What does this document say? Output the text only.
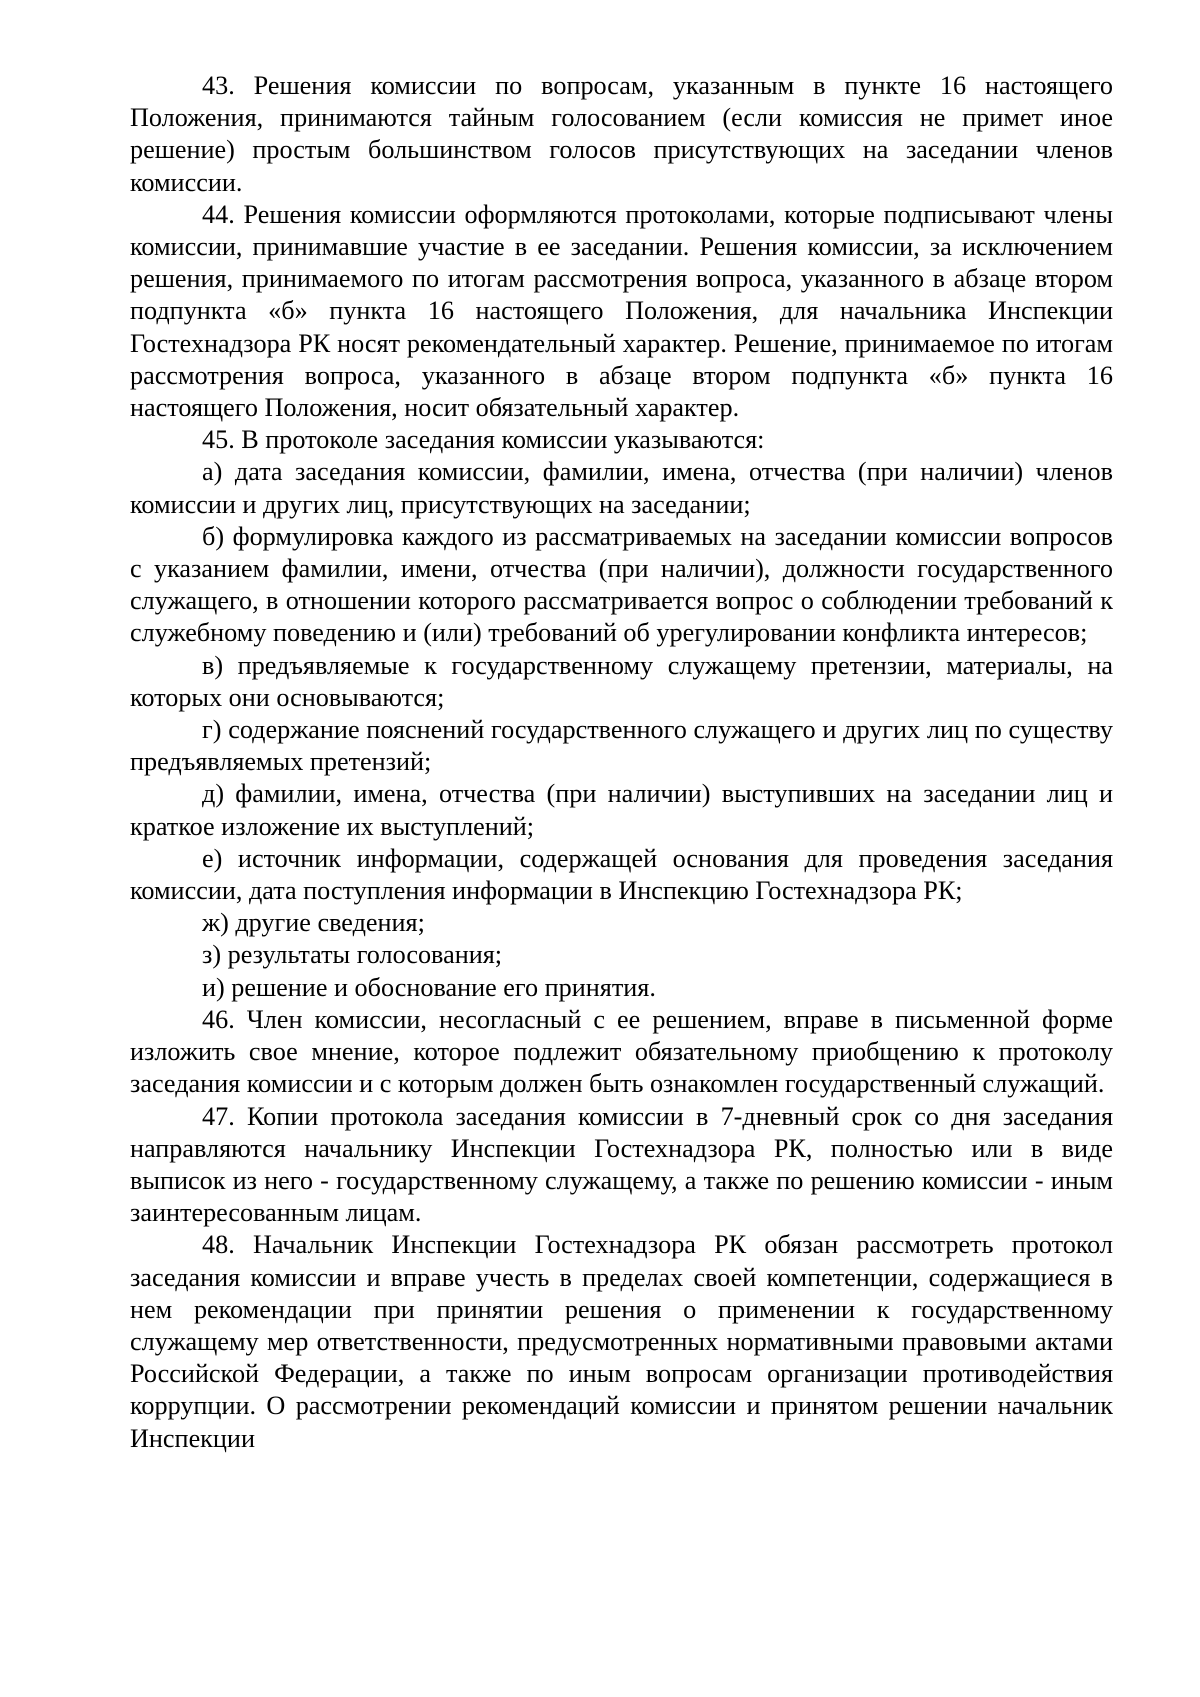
43. Решения комиссии по вопросам, указанным в пункте 16 настоящего Положения, принимаются тайным голосованием (если комиссия не примет иное решение) простым большинством голосов присутствующих на заседании членов комиссии.

44. Решения комиссии оформляются протоколами, которые подписывают члены комиссии, принимавшие участие в ее заседании. Решения комиссии, за исключением решения, принимаемого по итогам рассмотрения вопроса, указанного в абзаце втором подпункта «б» пункта 16 настоящего Положения, для начальника Инспекции Гостехнадзора РК носят рекомендательный характер. Решение, принимаемое по итогам рассмотрения вопроса, указанного в абзаце втором подпункта «б» пункта 16 настоящего Положения, носит обязательный характер.

45. В протоколе заседания комиссии указываются:

а) дата заседания комиссии, фамилии, имена, отчества (при наличии) членов комиссии и других лиц, присутствующих на заседании;

б) формулировка каждого из рассматриваемых на заседании комиссии вопросов с указанием фамилии, имени, отчества (при наличии), должности государственного служащего, в отношении которого рассматривается вопрос о соблюдении требований к служебному поведению и (или) требований об урегулировании конфликта интересов;

в) предъявляемые к государственному служащему претензии, материалы, на которых они основываются;

г) содержание пояснений государственного служащего и других лиц по существу предъявляемых претензий;

д) фамилии, имена, отчества (при наличии) выступивших на заседании лиц и краткое изложение их выступлений;

е) источник информации, содержащей основания для проведения заседания комиссии, дата поступления информации в Инспекцию Гостехнадзора РК;

ж) другие сведения;

з) результаты голосования;

и) решение и обоснование его принятия.

46. Член комиссии, несогласный с ее решением, вправе в письменной форме изложить свое мнение, которое подлежит обязательному приобщению к протоколу заседания комиссии и с которым должен быть ознакомлен государственный служащий.

47. Копии протокола заседания комиссии в 7-дневный срок со дня заседания направляются начальнику Инспекции Гостехнадзора РК, полностью или в виде выписок из него - государственному служащему, а также по решению комиссии - иным заинтересованным лицам.

48. Начальник Инспекции Гостехнадзора РК обязан рассмотреть протокол заседания комиссии и вправе учесть в пределах своей компетенции, содержащиеся в нем рекомендации при принятии решения о применении к государственному служащему мер ответственности, предусмотренных нормативными правовыми актами Российской Федерации, а также по иным вопросам организации противодействия коррупции. О рассмотрении рекомендаций комиссии и принятом решении начальник Инспекции
